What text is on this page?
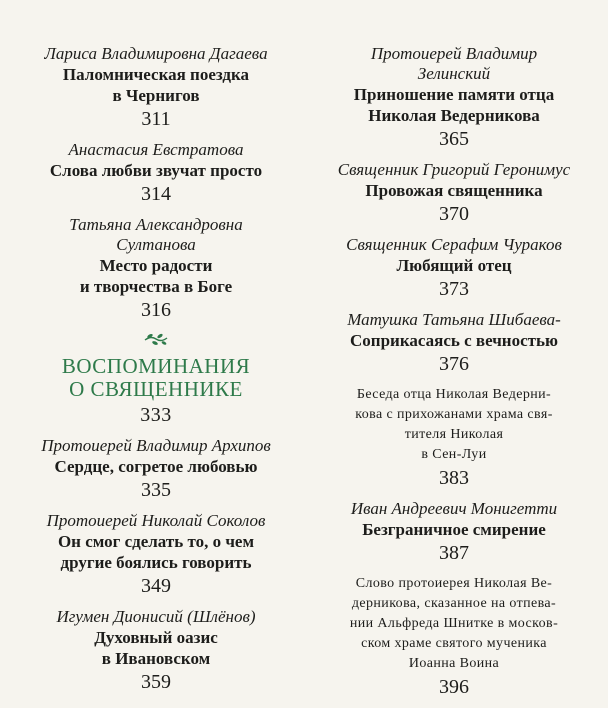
Лариса Владимировна Дагаева
Паломническая поездка
в Чернигов
311
Анастасия Евстратова
Слова любви звучат просто
314
Татьяна Александровна
Султанова
Место радости
и творчества в Боге
316
ВОСПОМИНАНИЯ
О СВЯЩЕННИКЕ
333
Протоиерей Владимир Архипов
Сердце, согретое любовью
335
Протоиерей Николай Соколов
Он смог сделать то, о чем
другие боялись говорить
349
Игумен Дионисий (Шлёнов)
Духовный оазис
в Ивановском
359
Протоиерей Владимир
Зелинский
Приношение памяти отца
Николая Ведерникова
365
Священник Григорий Геронимус
Провожая священника
370
Священник Серафим Чураков
Любящий отец
373
Матушка Татьяна Шибаева-
Соприкасаясь с вечностью
376
Беседа отца Николая Ведерни-
кова с прихожанами храма свя-
тителя Николая
в Сен-Луи
383
Иван Андреевич Монигетти
Безграничное смирение
387
Слово протоиерея Николая Ве-
дерникова, сказанное на отпева-
нии Альфреда Шнитке в москов-
ском храме святого мученика
Иоанна Воина
396
